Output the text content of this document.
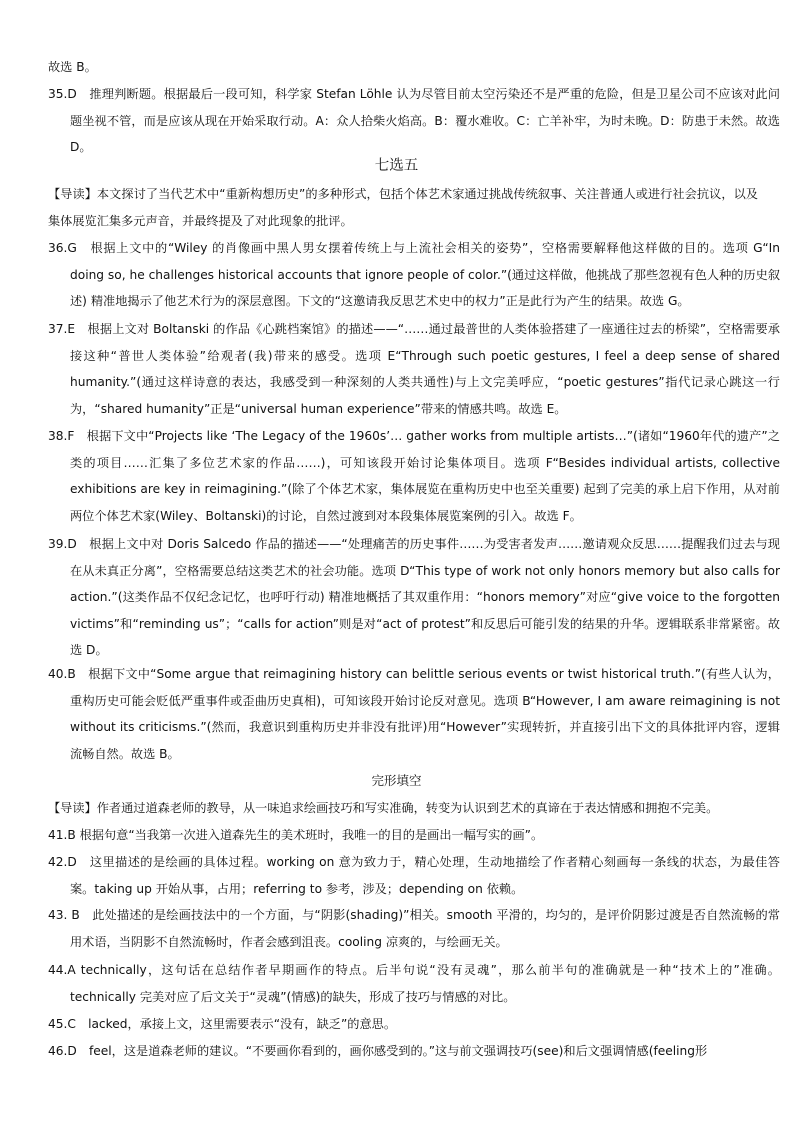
故选 B。

35.D　推理判断题。根据最后一段可知，科学家 Stefan Löhle 认为尽管目前太空污染还不是严重的危险，但是卫星公司不应该对此问题坐视不管，而是应该从现在开始采取行动。A：众人拾柴火焰高。B：覆水难收。C：亡羊补牢，为时未晚。D：防患于未然。故选 D。

七选五

【导读】本文探讨了当代艺术中“重新构想历史”的多种形式，包括个体艺术家通过挑战传统叙事、关注普通人或进行社会抗议，以及集体展览汇集多元声音，并最终提及了对此现象的批评。

36.G　根据上文中的“Wiley 的肖像画中黑人男女摆着传统上与上流社会相关的姿势”，空格需要解释他这样做的目的。选项 G“In doing so, he challenges historical accounts that ignore people of color.”(通过这样做，他挑战了那些忽视有色人种的历史叙述) 精准地揭示了他艺术行为的深层意图。下文的“这邀请我反思艺术史中的权力”正是此行为产生的结果。故选 G。

37.E　根据上文对 Boltanski 的作品《心跳档案馆》的描述——“……通过最普世的人类体验搭建了一座通往过去的桥梁”，空格需要承接这种“普世人类体验”给观者(我)带来的感受。选项 E“Through such poetic gestures, I feel a deep sense of shared humanity.”(通过这样诗意的表达，我感受到一种深刻的人类共通性)与上文完美呼应，“poetic gestures”指代记录心跳这一行为，“shared humanity”正是“universal human experience”带来的情感共鸣。故选 E。

38.F　根据下文中“Projects like ‘The Legacy of the 1960s’… gather works from multiple artists…”(诸如“1960年代的遗产”之类的项目……汇集了多位艺术家的作品……)，可知该段开始讨论集体项目。选项 F“Besides individual artists, collective exhibitions are key in reimagining.”(除了个体艺术家，集体展览在重构历史中也至关重要) 起到了完美的承上启下作用，从对前两位个体艺术家(Wiley、Boltanski)的讨论，自然过渡到对本段集体展览案例的引入。故选 F。

39.D　根据上文中对 Doris Salcedo 作品的描述——“处理痛苦的历史事件……为受害者发声……邀请观众反思……提醒我们过去与现在从未真正分离”，空格需要总结这类艺术的社会功能。选项 D“This type of work not only honors memory but also calls for action.”(这类作品不仅纪念记忆，也呼吁行动) 精准地概括了其双重作用：“honors memory”对应“give voice to the forgotten victims”和“reminding us”；“calls for action”则是对“act of protest”和反思后可能引发的结果的升华。逻辑联系非常紧密。故选 D。

40.B　根据下文中“Some argue that reimagining history can belittle serious events or twist historical truth.”(有些人认为，重构历史可能会贬低严重事件或歪曲历史真相)，可知该段开始讨论反对意见。选项 B“However, I am aware reimagining is not without its criticisms.”(然而，我意识到重构历史并非没有批评)用“However”实现转折，并直接引出下文的具体批评内容，逻辑流畅自然。故选 B。

完形填空

【导读】作者通过道森老师的教导，从一味追求绘画技巧和写实准确，转变为认识到艺术的真谛在于表达情感和拥抱不完美。

41.B 根据句意“当我第一次进入道森先生的美术班时，我唯一的目的是画出一幅写实的画”。

42.D　这里描述的是绘画的具体过程。working on 意为致力于，精心处理，生动地描绘了作者精心刻画每一条线的状态，为最佳答案。taking up 开始从事，占用；referring to 参考，涉及；depending on 依赖。

43. B　此处描述的是绘画技法中的一个方面，与“阴影(shading)”相关。smooth 平滑的，均匀的，是评价阴影过渡是否自然流畅的常用术语，当阴影不自然流畅时，作者会感到沮丧。cooling 凉爽的，与绘画无关。

44.A technically，这句话在总结作者早期画作的特点。后半句说“没有灵魂”，那么前半句的准确就是一种“技术上的”准确。technically 完美对应了后文关于“灵魂”(情感)的缺失，形成了技巧与情感的对比。

45.C　lacked，承接上文，这里需要表示“没有，缺乏”的意思。

46.D　feel，这是道森老师的建议。“不要画你看到的，画你感受到的。”这与前文强调技巧(see)和后文强调情感(feeling形
